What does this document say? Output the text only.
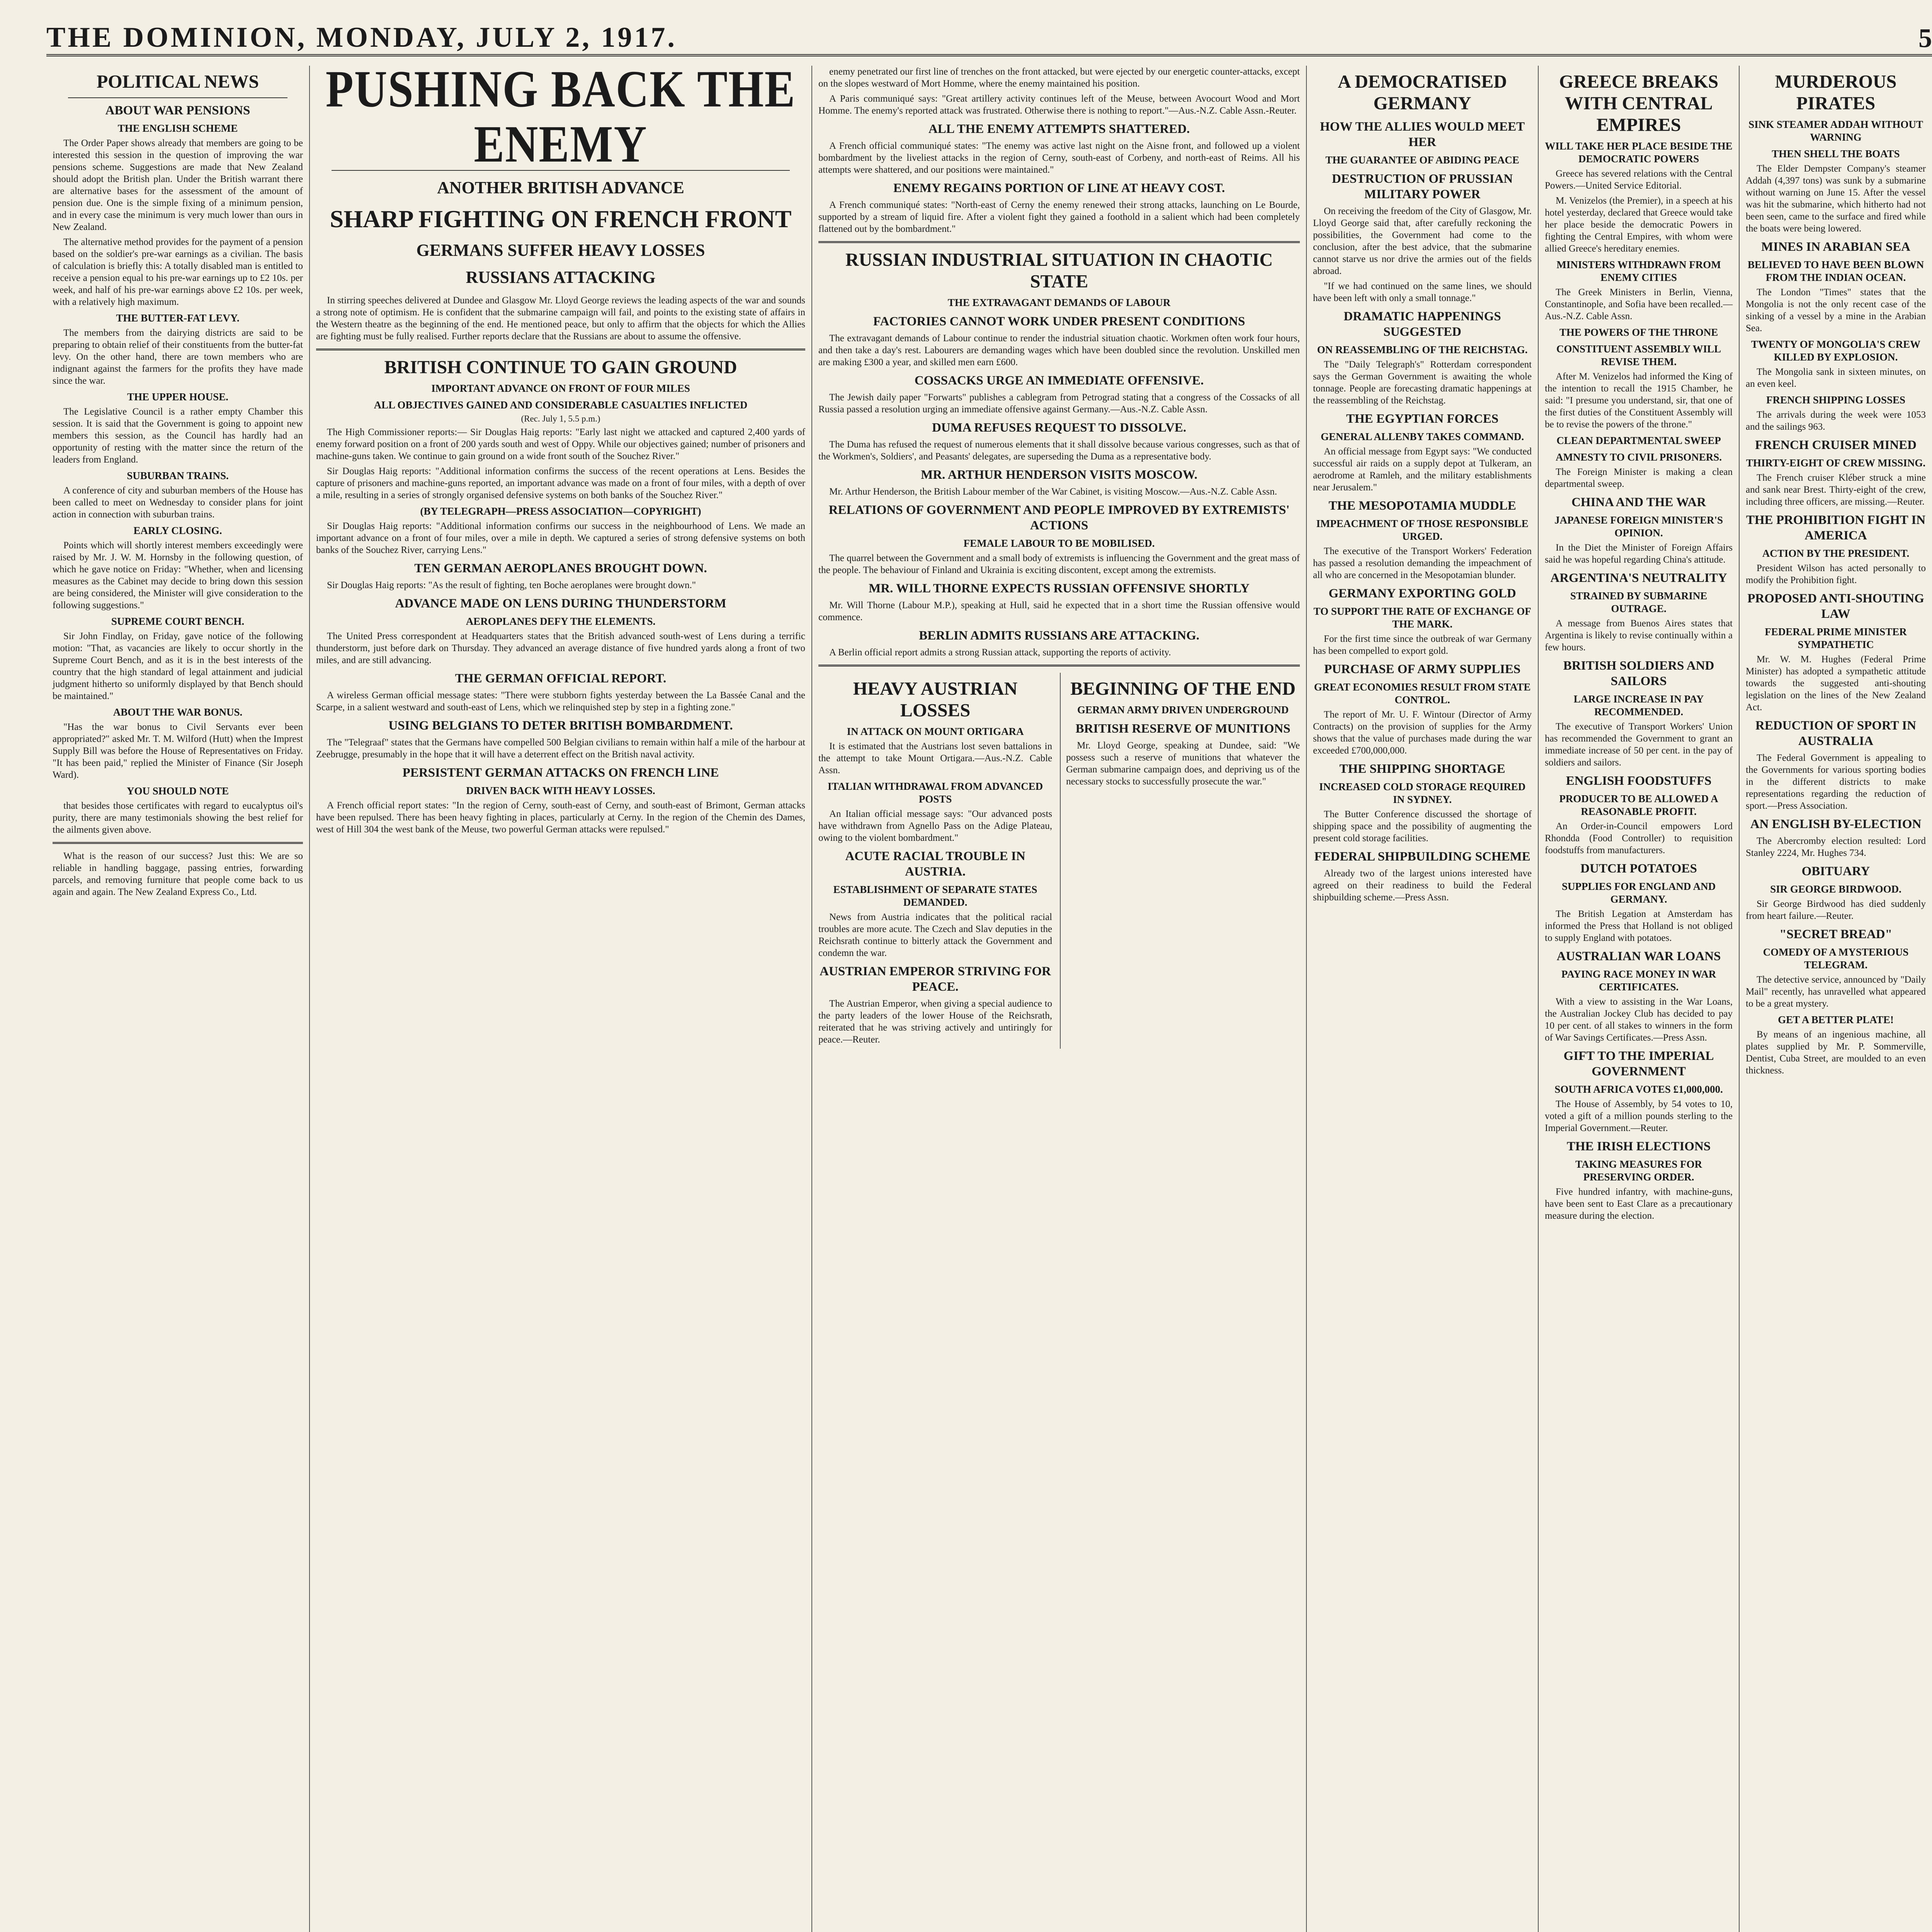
THE DOMINION, MONDAY, JULY 2, 1917.	5
POLITICAL NEWS
ABOUT WAR PENSIONS
THE ENGLISH SCHEME

The Order Paper shows already that members are going to be interested this session in the question of improving the war pensions scheme. Suggestions are made that New Zealand should adopt the British plan. Under the British warrant there are alternative bases for the assessment of the amount of pension due. One is the simple fixing of a minimum pension, and in every case the minimum is very much lower than ours in New Zealand.

The alternative method provides for the payment of a pension based on the soldier's pre-war earnings as a civilian. The basis of calculation is briefly this: A totally disabled man is entitled to receive a pension equal to his pre-war earnings up to £2 10s. per week, and half of his pre-war earnings above £2 10s. per week, with a relatively high maximum.

THE BUTTER-FAT LEVY.

The members from the dairying districts are said to be preparing to obtain relief of their constituents from the butter-fat levy. On the other hand, there are town members who are indignant against the farmers for the profits they have made since the war.

THE UPPER HOUSE.

The Legislative Council is a rather empty Chamber this session. It is said that the Government is going to appoint new members this session, as the Council has hardly had an opportunity of resting with the matter since the return of the leaders from England.

SUBURBAN TRAINS.

A conference of city and suburban members of the House has been called to meet on Wednesday to consider plans for joint action in connection with suburban trains.

EARLY CLOSING.

Points which will shortly interest members exceedingly were raised by Mr. J. W. M. Hornsby in the following question, of which he gave notice on Friday: "Whether, when and licensing measures as the Cabinet may decide to bring down this session are being considered, the Minister will give consideration to the following suggestions."

SUPREME COURT BENCH.

Sir John Findlay, on Friday, gave notice of the following motion: "That, as vacancies are likely to occur shortly in the Supreme Court Bench, and as it is in the best interests of the country that the high standard of legal attainment and judicial judgment hitherto so uniformly displayed by that Bench should be maintained."

ABOUT THE WAR BONUS.

"Has the war bonus to Civil Servants ever been appropriated?" asked Mr. T. M. Wilford (Hutt) when the Imprest Supply Bill was before the House of Representatives on Friday. "It has been paid," replied the Minister of Finance (Sir Joseph Ward).

YOU SHOULD NOTE

that besides those certificates with regard to eucalyptus oil's purity, there are many testimonials showing the best relief for the ailments given above.

What is the reason of our success? Just this: We are so reliable in handling baggage, passing entries, forwarding parcels, and removing furniture that people come back to us again and again. The New Zealand Express Co., Ltd.

PUSHING BACK THE ENEMY
ANOTHER BRITISH ADVANCE
SHARP FIGHTING ON FRENCH FRONT
GERMANS SUFFER HEAVY LOSSES
RUSSIANS ATTACKING

In stirring speeches delivered at Dundee and Glasgow Mr. Lloyd George reviews the leading aspects of the war and sounds a strong note of optimism. He is confident that the submarine campaign will fail, and points to the existing state of affairs in the Western theatre as the beginning of the end. He mentioned peace, but only to affirm that the objects for which the Allies are fighting must be fully realised. Further reports declare that the Russians are about to assume the offensive.

BRITISH CONTINUE TO GAIN GROUND
IMPORTANT ADVANCE ON FRONT OF FOUR MILES
ALL OBJECTIVES GAINED AND CONSIDERABLE CASUALTIES INFLICTED
(Rec. July 1, 5.5 p.m.)

The High Commissioner reports:— Sir Douglas Haig reports: "Early last night we attacked and captured 2,400 yards of enemy forward position on a front of 200 yards south and west of Oppy. While our objectives gained; number of prisoners and machine-guns taken. We continue to gain ground on a wide front south of the Souchez River."

Sir Douglas Haig reports: "Additional information confirms the success of the recent operations at Lens. Besides the capture of prisoners and machine-guns reported, an important advance was made on a front of four miles, with a depth of over a mile, resulting in a series of strongly organised defensive systems on both banks of the Souchez River."

(BY TELEGRAPH—PRESS ASSOCIATION—COPYRIGHT)

Sir Douglas Haig reports: "Additional information confirms our success in the neighbourhood of Lens. We made an important advance on a front of four miles, over a mile in depth. We captured a series of strong defensive systems on both banks of the Souchez River, carrying Lens."

TEN GERMAN AEROPLANES BROUGHT DOWN.

Sir Douglas Haig reports: "As the result of fighting, ten Boche aeroplanes were brought down."

ADVANCE MADE ON LENS DURING THUNDERSTORM
AEROPLANES DEFY THE ELEMENTS.

The United Press correspondent at Headquarters states that the British advanced south-west of Lens during a terrific thunderstorm, just before dark on Thursday. They advanced an average distance of five hundred yards along a front of two miles, and are still advancing.

THE GERMAN OFFICIAL REPORT.

A wireless German official message states: "There were stubborn fights yesterday between the La Bassée Canal and the Scarpe, in a salient westward and south-east of Lens, which we relinquished step by step in a fighting zone."

USING BELGIANS TO DETER BRITISH BOMBARDMENT.

The "Telegraaf" states that the Germans have compelled 500 Belgian civilians to remain within half a mile of the harbour at Zeebrugge, presumably in the hope that it will have a deterrent effect on the British naval activity.

PERSISTENT GERMAN ATTACKS ON FRENCH LINE
DRIVEN BACK WITH HEAVY LOSSES.

A French official report states: "In the region of Cerny, south-east of Cerny, and south-east of Brimont, German attacks have been repulsed. There has been heavy fighting in places, particularly at Cerny. In the region of the Chemin des Dames, west of Hill 304 the west bank of the Meuse, two powerful German attacks were repulsed."

enemy penetrated our first line of trenches on the front attacked, but were ejected by our energetic counter-attacks, except on the slopes westward of Mort Homme, where the enemy maintained his position.

A Paris communiqué says: "Great artillery activity continues left of the Meuse, between Avocourt Wood and Mort Homme. The enemy's reported attack was frustrated. Otherwise there is nothing to report."—Aus.-N.Z. Cable Assn.-Reuter.

ALL THE ENEMY ATTEMPTS SHATTERED.

A French official communiqué states: "The enemy was active last night on the Aisne front, and followed up a violent bombardment by the liveliest attacks in the region of Cerny, south-east of Corbeny, and north-east of Reims. All his attempts were shattered, and our positions were maintained."

ENEMY REGAINS PORTION OF LINE AT HEAVY COST.

A French communiqué states: "North-east of Cerny the enemy renewed their strong attacks, launching on Le Bourde, supported by a stream of liquid fire. After a violent fight they gained a foothold in a salient which had been completely flattened out by the bombardment."

RUSSIAN INDUSTRIAL SITUATION IN CHAOTIC STATE
THE EXTRAVAGANT DEMANDS OF LABOUR
FACTORIES CANNOT WORK UNDER PRESENT CONDITIONS

The extravagant demands of Labour continue to render the industrial situation chaotic. Workmen often work four hours, and then take a day's rest. Labourers are demanding wages which have been doubled since the revolution. Unskilled men are making £300 a year, and skilled men earn £600.

COSSACKS URGE AN IMMEDIATE OFFENSIVE.

The Jewish daily paper "Forwarts" publishes a cablegram from Petrograd stating that a congress of the Cossacks of all Russia passed a resolution urging an immediate offensive against Germany.—Aus.-N.Z. Cable Assn.

DUMA REFUSES REQUEST TO DISSOLVE.

The Duma has refused the request of numerous elements that it shall dissolve because various congresses, such as that of the Workmen's, Soldiers', and Peasants' delegates, are superseding the Duma as a representative body.

MR. ARTHUR HENDERSON VISITS MOSCOW.

Mr. Arthur Henderson, the British Labour member of the War Cabinet, is visiting Moscow.—Aus.-N.Z. Cable Assn.

RELATIONS OF GOVERNMENT AND PEOPLE IMPROVED BY EXTREMISTS' ACTIONS
FEMALE LABOUR TO BE MOBILISED.

The quarrel between the Government and a small body of extremists is influencing the Government and the great mass of the people. The behaviour of Finland and Ukrainia is exciting discontent, except among the extremists.

MR. WILL THORNE EXPECTS RUSSIAN OFFENSIVE SHORTLY

Mr. Will Thorne (Labour M.P.), speaking at Hull, said he expected that in a short time the Russian offensive would commence.

BERLIN ADMITS RUSSIANS ARE ATTACKING.

A Berlin official report admits a strong Russian attack, supporting the reports of activity.

HEAVY AUSTRIAN LOSSES
IN ATTACK ON MOUNT ORTIGARA

It is estimated that the Austrians lost seven battalions in the attempt to take Mount Ortigara.—Aus.-N.Z. Cable Assn.

ITALIAN WITHDRAWAL FROM ADVANCED POSTS

An Italian official message says: "Our advanced posts have withdrawn from Agnello Pass on the Adige Plateau, owing to the violent bombardment."

ACUTE RACIAL TROUBLE IN AUSTRIA.
ESTABLISHMENT OF SEPARATE STATES DEMANDED.

News from Austria indicates that the political racial troubles are more acute. The Czech and Slav deputies in the Reichsrath continue to bitterly attack the Government and condemn the war.

AUSTRIAN EMPEROR STRIVING FOR PEACE.

The Austrian Emperor, when giving a special audience to the party leaders of the lower House of the Reichsrath, reiterated that he was striving actively and untiringly for peace.—Reuter.

BEGINNING OF THE END
GERMAN ARMY DRIVEN UNDERGROUND
BRITISH RESERVE OF MUNITIONS

Mr. Lloyd George, speaking at Dundee, said: "We possess such a reserve of munitions that whatever the German submarine campaign does, and depriving us of the necessary stocks to successfully prosecute the war."

A DEMOCRATISED GERMANY
HOW THE ALLIES WOULD MEET HER
THE GUARANTEE OF ABIDING PEACE
DESTRUCTION OF PRUSSIAN MILITARY POWER

On receiving the freedom of the City of Glasgow, Mr. Lloyd George said that, after carefully reckoning the possibilities, the Government had come to the conclusion, after the best advice, that the submarine cannot starve us nor drive the armies out of the fields abroad.

"If we had continued on the same lines, we should have been left with only a small tonnage."

DRAMATIC HAPPENINGS SUGGESTED
ON REASSEMBLING OF THE REICHSTAG.

The "Daily Telegraph's" Rotterdam correspondent says the German Government is awaiting the whole tonnage. People are forecasting dramatic happenings at the reassembling of the Reichstag.

THE EGYPTIAN FORCES
GENERAL ALLENBY TAKES COMMAND.

An official message from Egypt says: "We conducted successful air raids on a supply depot at Tulkeram, an aerodrome at Ramleh, and the military establishments near Jerusalem."

THE MESOPOTAMIA MUDDLE
IMPEACHMENT OF THOSE RESPONSIBLE URGED.

The executive of the Transport Workers' Federation has passed a resolution demanding the impeachment of all who are concerned in the Mesopotamian blunder.

GERMANY EXPORTING GOLD
TO SUPPORT THE RATE OF EXCHANGE OF THE MARK.

For the first time since the outbreak of war Germany has been compelled to export gold.

PURCHASE OF ARMY SUPPLIES
GREAT ECONOMIES RESULT FROM STATE CONTROL.

The report of Mr. U. F. Wintour (Director of Army Contracts) on the provision of supplies for the Army shows that the value of purchases made during the war exceeded £700,000,000.

THE SHIPPING SHORTAGE
INCREASED COLD STORAGE REQUIRED IN SYDNEY.

The Butter Conference discussed the shortage of shipping space and the possibility of augmenting the present cold storage facilities.

FEDERAL SHIPBUILDING SCHEME

Already two of the largest unions interested have agreed on their readiness to build the Federal shipbuilding scheme.—Press Assn.

GREECE BREAKS WITH CENTRAL EMPIRES
WILL TAKE HER PLACE BESIDE THE DEMOCRATIC POWERS

Greece has severed relations with the Central Powers.—United Service Editorial.

M. Venizelos (the Premier), in a speech at his hotel yesterday, declared that Greece would take her place beside the democratic Powers in fighting the Central Empires, with whom were allied Greece's hereditary enemies.

MINISTERS WITHDRAWN FROM ENEMY CITIES

The Greek Ministers in Berlin, Vienna, Constantinople, and Sofia have been recalled.—Aus.-N.Z. Cable Assn.

THE POWERS OF THE THRONE
CONSTITUENT ASSEMBLY WILL REVISE THEM.

After M. Venizelos had informed the King of the intention to recall the 1915 Chamber, he said: "I presume you understand, sir, that one of the first duties of the Constituent Assembly will be to revise the powers of the throne."

CLEAN DEPARTMENTAL SWEEP
AMNESTY TO CIVIL PRISONERS.

The Foreign Minister is making a clean departmental sweep.

CHINA AND THE WAR
JAPANESE FOREIGN MINISTER'S OPINION.

In the Diet the Minister of Foreign Affairs said he was hopeful regarding China's attitude.

ARGENTINA'S NEUTRALITY
STRAINED BY SUBMARINE OUTRAGE.

A message from Buenos Aires states that Argentina is likely to revise continually within a few hours.

BRITISH SOLDIERS AND SAILORS
LARGE INCREASE IN PAY RECOMMENDED.

The executive of Transport Workers' Union has recommended the Government to grant an immediate increase of 50 per cent. in the pay of soldiers and sailors.

ENGLISH FOODSTUFFS
PRODUCER TO BE ALLOWED A REASONABLE PROFIT.

An Order-in-Council empowers Lord Rhondda (Food Controller) to requisition foodstuffs from manufacturers.

DUTCH POTATOES
SUPPLIES FOR ENGLAND AND GERMANY.

The British Legation at Amsterdam has informed the Press that Holland is not obliged to supply England with potatoes.

AUSTRALIAN WAR LOANS
PAYING RACE MONEY IN WAR CERTIFICATES.

With a view to assisting in the War Loans, the Australian Jockey Club has decided to pay 10 per cent. of all stakes to winners in the form of War Savings Certificates.—Press Assn.

GIFT TO THE IMPERIAL GOVERNMENT
SOUTH AFRICA VOTES £1,000,000.

The House of Assembly, by 54 votes to 10, voted a gift of a million pounds sterling to the Imperial Government.—Reuter.

THE IRISH ELECTIONS
TAKING MEASURES FOR PRESERVING ORDER.

Five hundred infantry, with machine-guns, have been sent to East Clare as a precautionary measure during the election.

MURDEROUS PIRATES
SINK STEAMER ADDAH WITHOUT WARNING
THEN SHELL THE BOATS

The Elder Dempster Company's steamer Addah (4,397 tons) was sunk by a submarine without warning on June 15. After the vessel was hit the submarine, which hitherto had not been seen, came to the surface and fired while the boats were being lowered.

MINES IN ARABIAN SEA
BELIEVED TO HAVE BEEN BLOWN FROM THE INDIAN OCEAN.

The London "Times" states that the Mongolia is not the only recent case of the sinking of a vessel by a mine in the Arabian Sea.

TWENTY OF MONGOLIA'S CREW KILLED BY EXPLOSION.

The Mongolia sank in sixteen minutes, on an even keel.

FRENCH SHIPPING LOSSES

The arrivals during the week were 1053 and the sailings 963.

FRENCH CRUISER MINED
THIRTY-EIGHT OF CREW MISSING.

The French cruiser Kléber struck a mine and sank near Brest. Thirty-eight of the crew, including three officers, are missing.—Reuter.

THE PROHIBITION FIGHT IN AMERICA
ACTION BY THE PRESIDENT.

President Wilson has acted personally to modify the Prohibition fight.

PROPOSED ANTI-SHOUTING LAW
FEDERAL PRIME MINISTER SYMPATHETIC

Mr. W. M. Hughes (Federal Prime Minister) has adopted a sympathetic attitude towards the suggested anti-shouting legislation on the lines of the New Zealand Act.

REDUCTION OF SPORT IN AUSTRALIA

The Federal Government is appealing to the Governments for various sporting bodies in the different districts to make representations regarding the reduction of sport.—Press Association.

AN ENGLISH BY-ELECTION

The Abercromby election resulted: Lord Stanley 2224, Mr. Hughes 734.

OBITUARY
SIR GEORGE BIRDWOOD.

Sir George Birdwood has died suddenly from heart failure.—Reuter.

"SECRET BREAD"
COMEDY OF A MYSTERIOUS TELEGRAM.

The detective service, announced by "Daily Mail" recently, has unravelled what appeared to be a great mystery.

GET A BETTER PLATE!

By means of an ingenious machine, all plates supplied by Mr. P. Sommerville, Dentist, Cuba Street, are moulded to an even thickness.
